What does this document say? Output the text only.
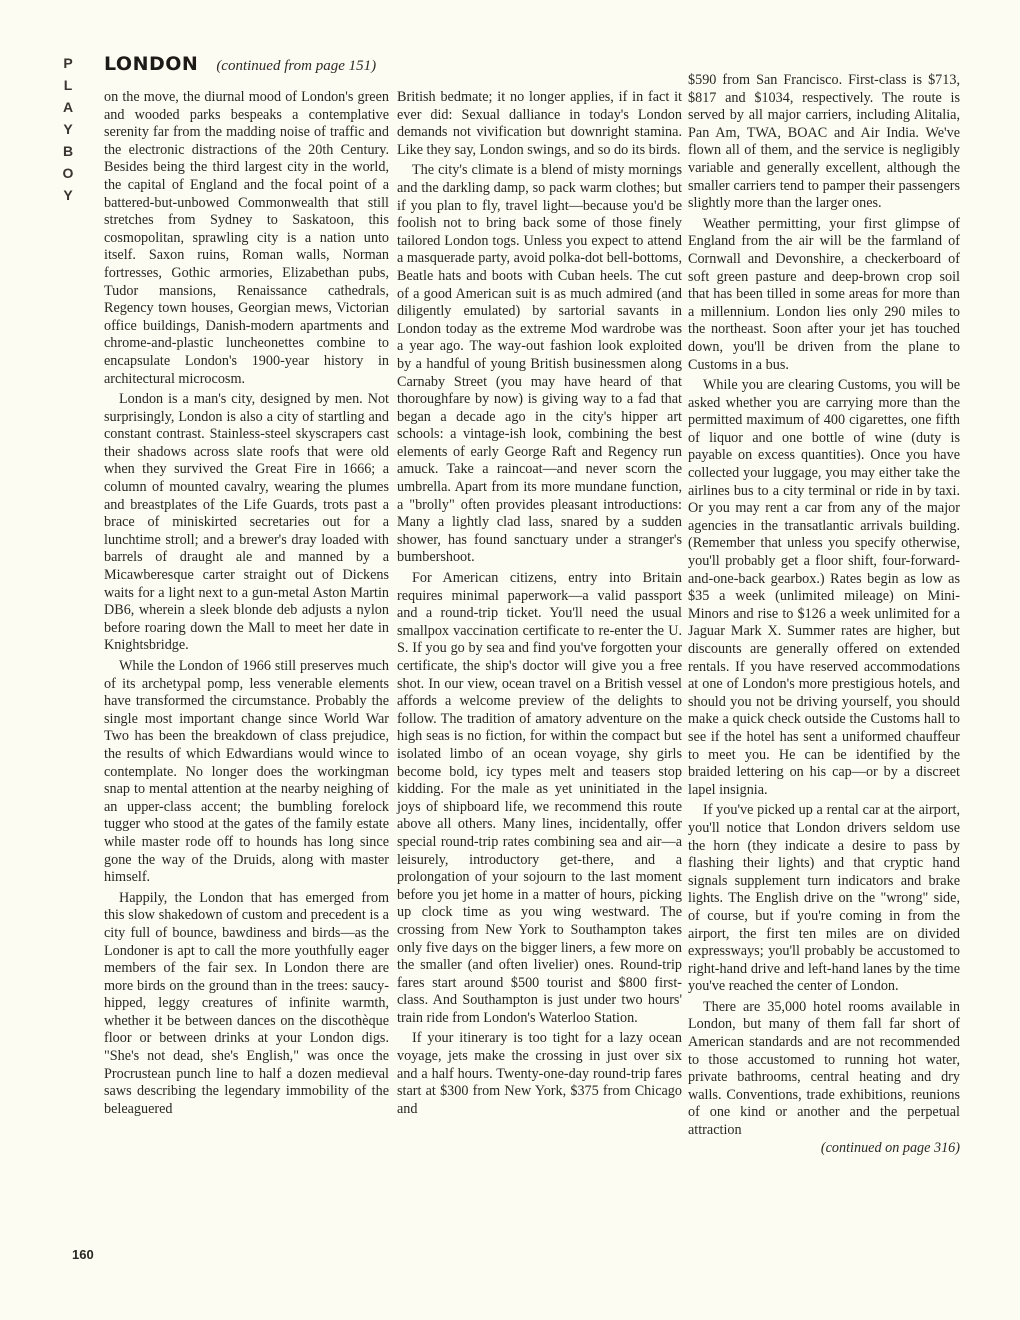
P
L
A
Y
B
O
Y
LONDON (continued from page 151)

on the move, the diurnal mood of London's green and wooded parks bespeaks a contemplative serenity far from the madding noise of traffic and the electronic distractions of the 20th Century. Besides being the third largest city in the world, the capital of England and the focal point of a battered-but-unbowed Commonwealth that still stretches from Sydney to Saskatoon, this cosmopolitan, sprawling city is a nation unto itself. Saxon ruins, Roman walls, Norman fortresses, Gothic armories, Elizabethan pubs, Tudor mansions, Renaissance cathedrals, Regency town houses, Georgian mews, Victorian office buildings, Danish-modern apartments and chrome-and-plastic luncheonettes combine to encapsulate London's 1900-year history in architectural microcosm.

London is a man's city, designed by men. Not surprisingly, London is also a city of startling and constant contrast. Stainless-steel skyscrapers cast their shadows across slate roofs that were old when they survived the Great Fire in 1666; a column of mounted cavalry, wearing the plumes and breastplates of the Life Guards, trots past a brace of miniskirted secretaries out for a lunchtime stroll; and a brewer's dray loaded with barrels of draught ale and manned by a Micawberesque carter straight out of Dickens waits for a light next to a gun-metal Aston Martin DB6, wherein a sleek blonde deb adjusts a nylon before roaring down the Mall to meet her date in Knightsbridge.

While the London of 1966 still preserves much of its archetypal pomp, less venerable elements have transformed the circumstance. Probably the single most important change since World War Two has been the breakdown of class prejudice, the results of which Edwardians would wince to contemplate. No longer does the workingman snap to mental attention at the nearby neighing of an upper-class accent; the bumbling forelock tugger who stood at the gates of the family estate while master rode off to hounds has long since gone the way of the Druids, along with master himself.

Happily, the London that has emerged from this slow shakedown of custom and precedent is a city full of bounce, bawdiness and birds—as the Londoner is apt to call the more youthfully eager members of the fair sex. In London there are more birds on the ground than in the trees: saucy-hipped, leggy creatures of infinite warmth, whether it be between dances on the discothèque floor or between drinks at your London digs. "She's not dead, she's English," was once the Procrustean punch line to half a dozen medieval saws describing the legendary immobility of the beleaguered

British bedmate; it no longer applies, if in fact it ever did: Sexual dalliance in today's London demands not vivification but downright stamina. Like they say, London swings, and so do its birds.

The city's climate is a blend of misty mornings and the darkling damp, so pack warm clothes; but if you plan to fly, travel light—because you'd be foolish not to bring back some of those finely tailored London togs. Unless you expect to attend a masquerade party, avoid polka-dot bell-bottoms, Beatle hats and boots with Cuban heels. The cut of a good American suit is as much admired (and diligently emulated) by sartorial savants in London today as the extreme Mod wardrobe was a year ago. The way-out fashion look exploited by a handful of young British businessmen along Carnaby Street (you may have heard of that thoroughfare by now) is giving way to a fad that began a decade ago in the city's hipper art schools: a vintage-ish look, combining the best elements of early George Raft and Regency run amuck. Take a raincoat—and never scorn the umbrella. Apart from its more mundane function, a "brolly" often provides pleasant introductions: Many a lightly clad lass, snared by a sudden shower, has found sanctuary under a stranger's bumbershoot.

For American citizens, entry into Britain requires minimal paperwork—a valid passport and a round-trip ticket. You'll need the usual smallpox vaccination certificate to re-enter the U. S. If you go by sea and find you've forgotten your certificate, the ship's doctor will give you a free shot. In our view, ocean travel on a British vessel affords a welcome preview of the delights to follow. The tradition of amatory adventure on the high seas is no fiction, for within the compact but isolated limbo of an ocean voyage, shy girls become bold, icy types melt and teasers stop kidding. For the male as yet uninitiated in the joys of shipboard life, we recommend this route above all others. Many lines, incidentally, offer special round-trip rates combining sea and air—a leisurely, introductory get-there, and a prolongation of your sojourn to the last moment before you jet home in a matter of hours, picking up clock time as you wing westward. The crossing from New York to Southampton takes only five days on the bigger liners, a few more on the smaller (and often livelier) ones. Round-trip fares start around $500 tourist and $800 first-class. And Southampton is just under two hours' train ride from London's Waterloo Station.

If your itinerary is too tight for a lazy ocean voyage, jets make the crossing in just over six and a half hours. Twenty-one-day round-trip fares start at $300 from New York, $375 from Chicago and

$590 from San Francisco. First-class is $713, $817 and $1034, respectively. The route is served by all major carriers, including Alitalia, Pan Am, TWA, BOAC and Air India. We've flown all of them, and the service is negligibly variable and generally excellent, although the smaller carriers tend to pamper their passengers slightly more than the larger ones.

Weather permitting, your first glimpse of England from the air will be the farmland of Cornwall and Devonshire, a checkerboard of soft green pasture and deep-brown crop soil that has been tilled in some areas for more than a millennium. London lies only 290 miles to the northeast. Soon after your jet has touched down, you'll be driven from the plane to Customs in a bus.

While you are clearing Customs, you will be asked whether you are carrying more than the permitted maximum of 400 cigarettes, one fifth of liquor and one bottle of wine (duty is payable on excess quantities). Once you have collected your luggage, you may either take the airlines bus to a city terminal or ride in by taxi. Or you may rent a car from any of the major agencies in the transatlantic arrivals building. (Remember that unless you specify otherwise, you'll probably get a floor shift, four-forward-and-one-back gearbox.) Rates begin as low as $35 a week (unlimited mileage) on Mini-Minors and rise to $126 a week unlimited for a Jaguar Mark X. Summer rates are higher, but discounts are generally offered on extended rentals. If you have reserved accommodations at one of London's more prestigious hotels, and should you not be driving yourself, you should make a quick check outside the Customs hall to see if the hotel has sent a uniformed chauffeur to meet you. He can be identified by the braided lettering on his cap—or by a discreet lapel insignia.

If you've picked up a rental car at the airport, you'll notice that London drivers seldom use the horn (they indicate a desire to pass by flashing their lights) and that cryptic hand signals supplement turn indicators and brake lights. The English drive on the "wrong" side, of course, but if you're coming in from the airport, the first ten miles are on divided expressways; you'll probably be accustomed to right-hand drive and left-hand lanes by the time you've reached the center of London.

There are 35,000 hotel rooms available in London, but many of them fall far short of American standards and are not recommended to those accustomed to running hot water, private bathrooms, central heating and dry walls. Conventions, trade exhibitions, reunions of one kind or another and the perpetual attraction

(continued on page 316)
160
